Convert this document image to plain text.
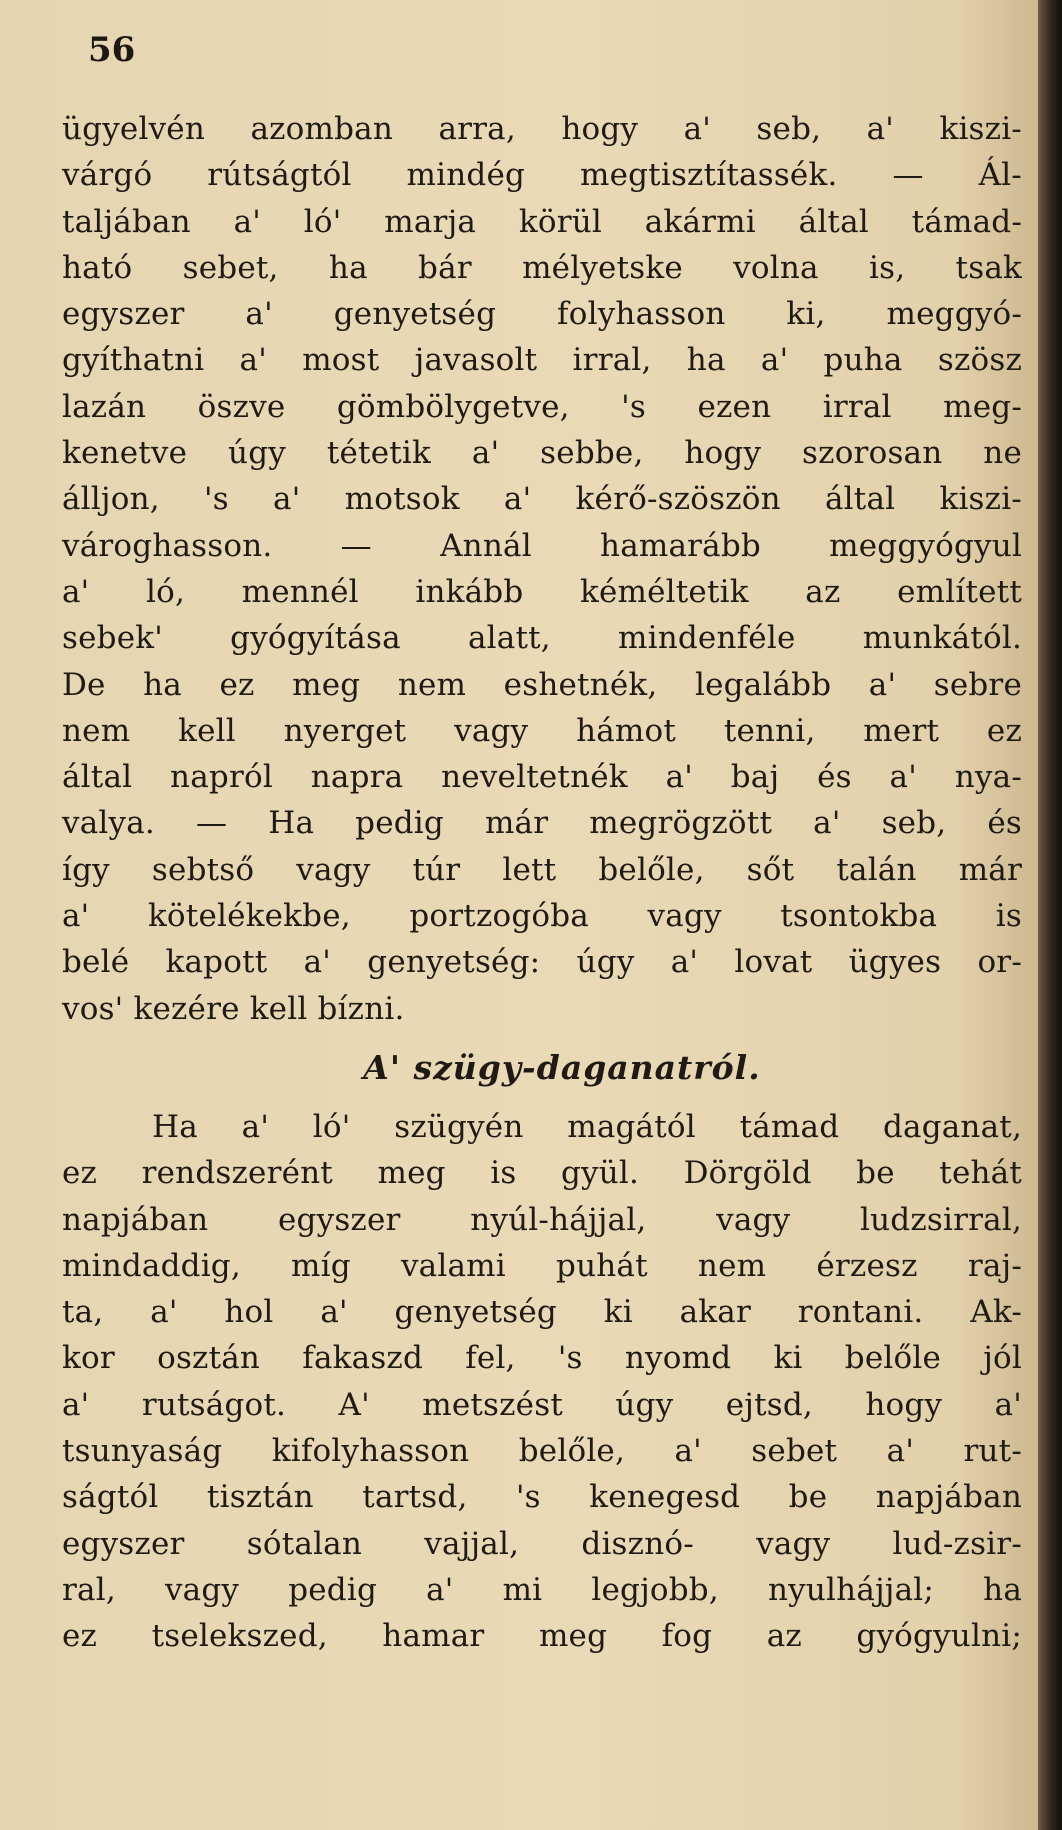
56
ügyelvén azomban arra, hogy a' seb, a' kiszi-
várgó rútságtól mindég megtisztítassék. — Ál-
taljában a' ló' marja körül akármi által támad-
ható sebet, ha bár mélyetske volna is, tsak
egyszer a' genyetség folyhasson ki, meggyó-
gyíthatni a' most javasolt irral, ha a' puha szösz
lazán öszve gömbölygetve, 's ezen irral meg-
kenetve úgy tétetik a' sebbe, hogy szorosan ne
álljon, 's a' motsok a' kérő-szöszön által kiszi-
vároghasson. — Annál hamarább meggyógyul
a' ló, mennél inkább kéméltetik az említett
sebek' gyógyítása alatt, mindenféle munkától.
De ha ez meg nem eshetnék, legalább a' sebre
nem kell nyerget vagy hámot tenni, mert ez
által napról napra neveltetnék a' baj és a' nya-
valya. — Ha pedig már megrögzött a' seb, és
így sebtső vagy túr lett belőle, sőt talán már
a' kötelékekbe, portzogóba vagy tsontokba is
belé kapott a' genyetség: úgy a' lovat ügyes or-
vos' kezére kell bízni.
A' szügy-daganatról.
Ha a' ló' szügyén magától támad daganat,
ez rendszerént meg is gyül. Dörgöld be tehát
napjában egyszer nyúl-hájjal, vagy ludzsirral,
mindaddig, míg valami puhát nem érzesz raj-
ta, a' hol a' genyetség ki akar rontani. Ak-
kor osztán fakaszd fel, 's nyomd ki belőle jól
a' rutságot. A' metszést úgy ejtsd, hogy a'
tsunyaság kifolyhasson belőle, a' sebet a' rut-
ságtól tisztán tartsd, 's kenegesd be napjában
egyszer sótalan vajjal, disznó- vagy lud-zsir-
ral, vagy pedig a' mi legjobb, nyulhájjal; ha
ez tselekszed, hamar meg fog az gyógyulni;
